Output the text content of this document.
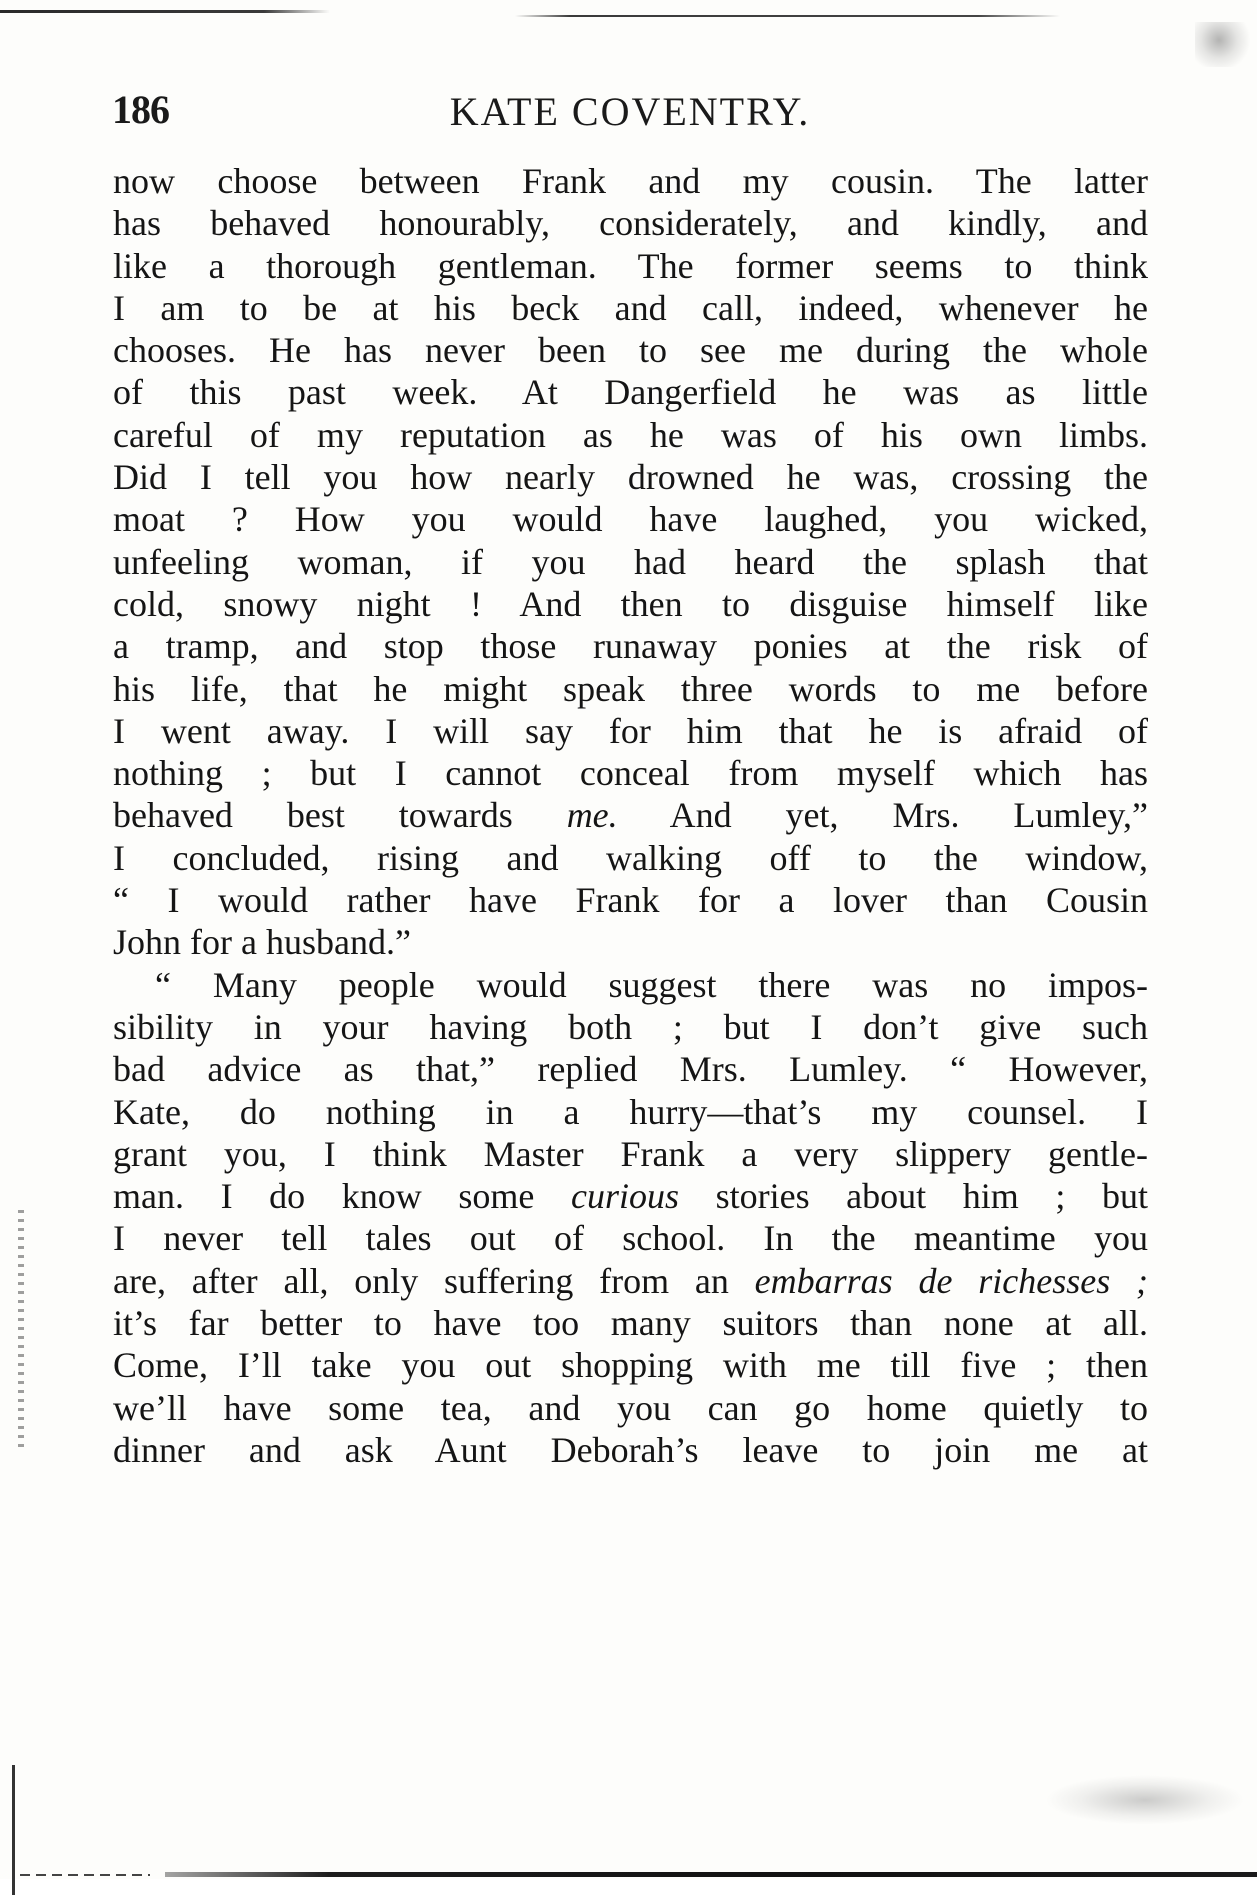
186	KATE COVENTRY.
now choose between Frank and my cousin. The latter
has behaved honourably, considerately, and kindly, and
like a thorough gentleman. The former seems to think
I am to be at his beck and call, indeed, whenever he
chooses. He has never been to see me during the whole
of this past week. At Dangerfield he was as little
careful of my reputation as he was of his own limbs.
Did I tell you how nearly drowned he was, crossing the
moat ? How you would have laughed, you wicked,
unfeeling woman, if you had heard the splash that
cold, snowy night ! And then to disguise himself like
a tramp, and stop those runaway ponies at the risk of
his life, that he might speak three words to me before
I went away. I will say for him that he is afraid of
nothing ; but I cannot conceal from myself which has
behaved best towards me. And yet, Mrs. Lumley,”
I concluded, rising and walking off to the window,
“ I would rather have Frank for a lover than Cousin
John for a husband.”
“ Many people would suggest there was no impos-
sibility in your having both ; but I don’t give such
bad advice as that,” replied Mrs. Lumley. “ However,
Kate, do nothing in a hurry—that’s my counsel. I
grant you, I think Master Frank a very slippery gentle-
man. I do know some curious stories about him ; but
I never tell tales out of school. In the meantime you
are, after all, only suffering from an embarras de richesses ;
it’s far better to have too many suitors than none at all.
Come, I’ll take you out shopping with me till five ; then
we’ll have some tea, and you can go home quietly to
dinner and ask Aunt Deborah’s leave to join me at
